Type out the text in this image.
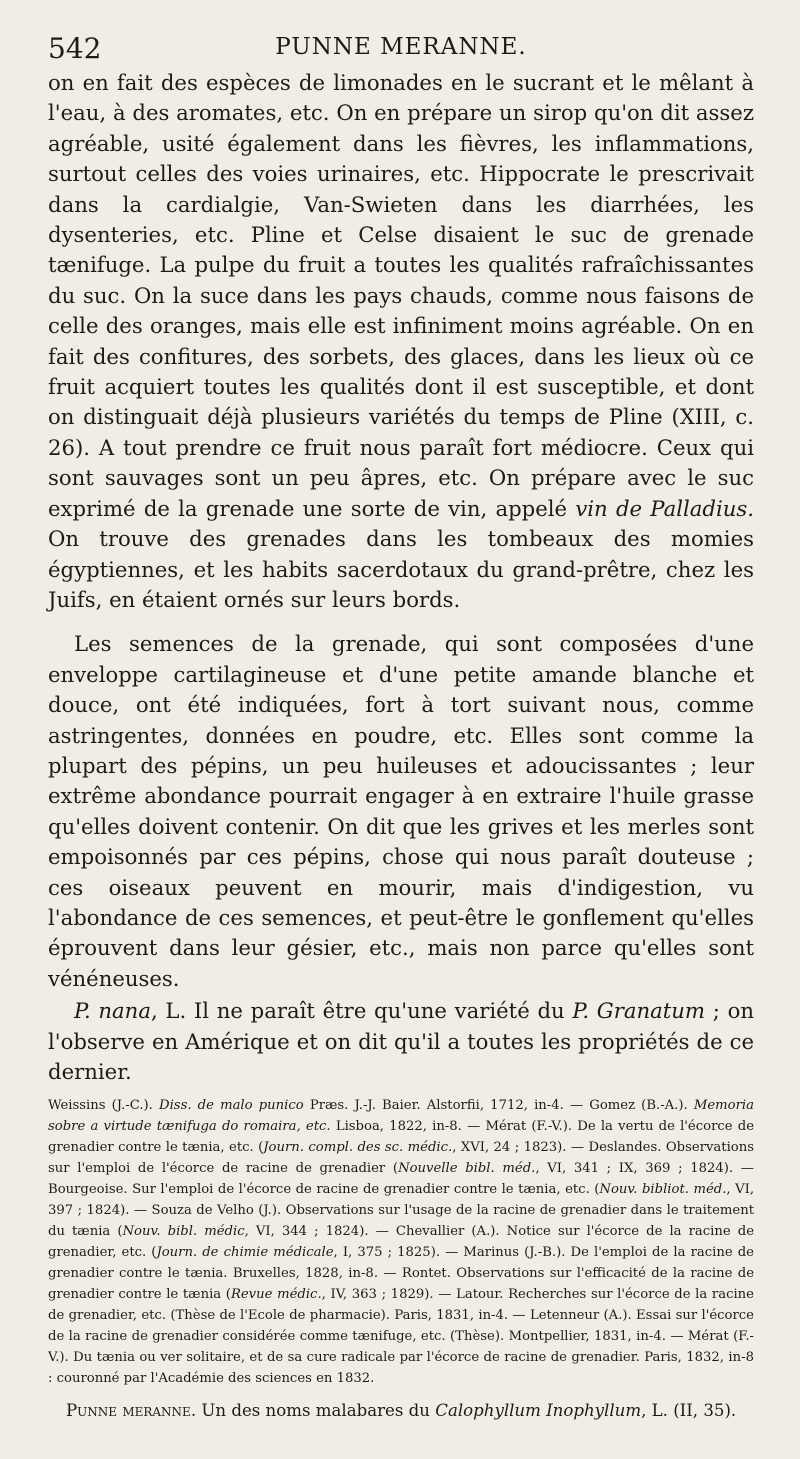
542	PUNNE MERANNE.

on en fait des espèces de limonades en le sucrant et le mêlant à l'eau, à des aromates, etc. On en prépare un sirop qu'on dit assez agréable, usité également dans les fièvres, les inflammations, surtout celles des voies urinaires, etc. Hippocrate le prescrivait dans la cardialgie, Van-Swieten dans les diarrhées, les dysenteries, etc. Pline et Celse disaient le suc de grenade tænifuge. La pulpe du fruit a toutes les qualités rafraîchissantes du suc. On la suce dans les pays chauds, comme nous faisons de celle des oranges, mais elle est infiniment moins agréable. On en fait des confitures, des sorbets, des glaces, dans les lieux où ce fruit acquiert toutes les qualités dont il est susceptible, et dont on distinguait déjà plusieurs variétés du temps de Pline (XIII, c. 26). A tout prendre ce fruit nous paraît fort médiocre. Ceux qui sont sauvages sont un peu âpres, etc. On prépare avec le suc exprimé de la grenade une sorte de vin, appelé vin de Palladius. On trouve des grenades dans les tombeaux des momies égyptiennes, et les habits sacerdotaux du grand-prêtre, chez les Juifs, en étaient ornés sur leurs bords.

Les semences de la grenade, qui sont composées d'une enveloppe cartilagineuse et d'une petite amande blanche et douce, ont été indiquées, fort à tort suivant nous, comme astringentes, données en poudre, etc. Elles sont comme la plupart des pépins, un peu huileuses et adoucissantes ; leur extrême abondance pourrait engager à en extraire l'huile grasse qu'elles doivent contenir. On dit que les grives et les merles sont empoisonnés par ces pépins, chose qui nous paraît douteuse ; ces oiseaux peuvent en mourir, mais d'indigestion, vu l'abondance de ces semences, et peut-être le gonflement qu'elles éprouvent dans leur gésier, etc., mais non parce qu'elles sont vénéneuses.

P. nana, L. Il ne paraît être qu'une variété du P. Granatum ; on l'observe en Amérique et on dit qu'il a toutes les propriétés de ce dernier.

Weissins (J.-C.). Diss. de malo punico Præs. J.-J. Baier. Alstorfii, 1712, in-4. — Gomez (B.-A.). Memoria sobre a virtude tænifuga do romaira, etc. Lisboa, 1822, in-8. — Mérat (F.-V.). De la vertu de l'écorce de grenadier contre le tænia, etc. (Journ. compl. des sc. médic., XVI, 24 ; 1823). — Deslandes. Observations sur l'emploi de l'écorce de racine de grenadier (Nouvelle bibl. méd., VI, 341 ; IX, 369 ; 1824). — Bourgeoise. Sur l'emploi de l'écorce de racine de grenadier contre le tænia, etc. (Nouv. bibliot. méd., VI, 397 ; 1824). — Souza de Velho (J.). Observations sur l'usage de la racine de grenadier dans le traitement du tænia (Nouv. bibl. médic, VI, 344 ; 1824). — Chevallier (A.). Notice sur l'écorce de la racine de grenadier, etc. (Journ. de chimie médicale, I, 375 ; 1825). — Marinus (J.-B.). De l'emploi de la racine de grenadier contre le tænia. Bruxelles, 1828, in-8. — Rontet. Observations sur l'efficacité de la racine de grenadier contre le tænia (Revue médic., IV, 363 ; 1829). — Latour. Recherches sur l'écorce de la racine de grenadier, etc. (Thèse de l'Ecole de pharmacie). Paris, 1831, in-4. — Letenneur (A.). Essai sur l'écorce de la racine de grenadier considérée comme tænifuge, etc. (Thèse). Montpellier, 1831, in-4. — Mérat (F.-V.). Du tænia ou ver solitaire, et de sa cure radicale par l'écorce de racine de grenadier. Paris, 1832, in-8 : couronné par l'Académie des sciences en 1832.

Punne meranne. Un des noms malabares du Calophyllum Inophyllum, L. (II, 35).
